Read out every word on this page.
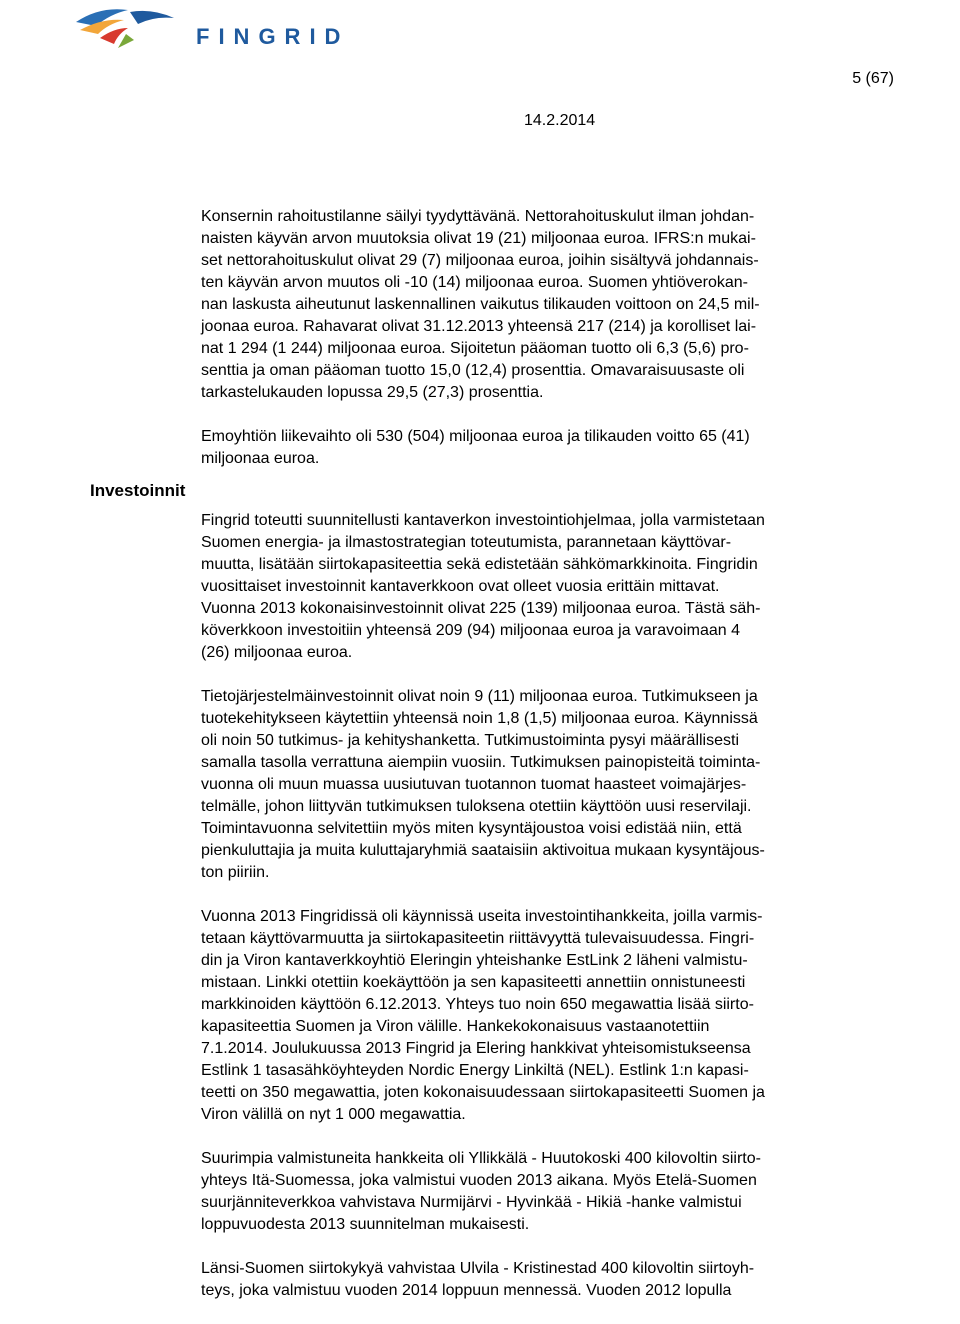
FINGRID
5 (67)
14.2.2014
Investoinnit

Konsernin rahoitustilanne säilyi tyydyttävänä. Nettorahoituskulut ilman johdan-
naisten käyvän arvon muutoksia olivat 19 (21) miljoonaa euroa. IFRS:n mukai-
set nettorahoituskulut olivat 29 (7) miljoonaa euroa, joihin sisältyvä johdannais-
ten käyvän arvon muutos oli -10 (14) miljoonaa euroa. Suomen yhtiöverokan-
nan laskusta aiheutunut laskennallinen vaikutus tilikauden voittoon on 24,5 mil-
joonaa euroa. Rahavarat olivat 31.12.2013 yhteensä 217 (214) ja korolliset lai-
nat 1 294 (1 244) miljoonaa euroa. Sijoitetun pääoman tuotto oli 6,3 (5,6) pro-
senttia ja oman pääoman tuotto 15,0 (12,4) prosenttia. Omavaraisuusaste oli
tarkastelukauden lopussa 29,5 (27,3) prosenttia.

Emoyhtiön liikevaihto oli 530 (504) miljoonaa euroa ja tilikauden voitto 65 (41)
miljoonaa euroa.

Fingrid toteutti suunnitellusti kantaverkon investointiohjelmaa, jolla varmistetaan
Suomen energia- ja ilmastostrategian toteutumista, parannetaan käyttövar-
muutta, lisätään siirtokapasiteettia sekä edistetään sähkömarkkinoita. Fingridin
vuosittaiset investoinnit kantaverkkoon ovat olleet vuosia erittäin mittavat.
Vuonna 2013 kokonaisinvestoinnit olivat 225 (139) miljoonaa euroa. Tästä säh-
köverkkoon investoitiin yhteensä 209 (94) miljoonaa euroa ja varavoimaan 4
(26) miljoonaa euroa.

Tietojärjestelmäinvestoinnit olivat noin 9 (11) miljoonaa euroa. Tutkimukseen ja
tuotekehitykseen käytettiin yhteensä noin 1,8 (1,5) miljoonaa euroa. Käynnissä
oli noin 50 tutkimus- ja kehityshanketta. Tutkimustoiminta pysyi määrällisesti
samalla tasolla verrattuna aiempiin vuosiin. Tutkimuksen painopisteitä toiminta-
vuonna oli muun muassa uusiutuvan tuotannon tuomat haasteet voimajärjes-
telmälle, johon liittyvän tutkimuksen tuloksena otettiin käyttöön uusi reservilaji.
Toimintavuonna selvitettiin myös miten kysyntäjoustoa voisi edistää niin, että
pienkuluttajia ja muita kuluttajaryhmiä saataisiin aktivoitua mukaan kysyntäjous-
ton piiriin.

Vuonna 2013 Fingridissä oli käynnissä useita investointihankkeita, joilla varmis-
tetaan käyttövarmuutta ja siirtokapasiteetin riittävyyttä tulevaisuudessa. Fingri-
din ja Viron kantaverkkoyhtiö Eleringin yhteishanke EstLink 2 läheni valmistu-
mistaan. Linkki otettiin koekäyttöön ja sen kapasiteetti annettiin onnistuneesti
markkinoiden käyttöön 6.12.2013. Yhteys tuo noin 650 megawattia lisää siirto-
kapasiteettia Suomen ja Viron välille. Hankekokonaisuus vastaanotettiin
7.1.2014. Joulukuussa 2013 Fingrid ja Elering hankkivat yhteisomistukseensa
Estlink 1 tasasähköyhteyden Nordic Energy Linkiltä (NEL). Estlink 1:n kapasi-
teetti on 350 megawattia, joten kokonaisuudessaan siirtokapasiteetti Suomen ja
Viron välillä on nyt 1 000 megawattia.

Suurimpia valmistuneita hankkeita oli Yllikkälä - Huutokoski 400 kilovoltin siirto-
yhteys Itä-Suomessa, joka valmistui vuoden 2013 aikana. Myös Etelä-Suomen
suurjänniteverkkoa vahvistava Nurmijärvi - Hyvinkää - Hikiä -hanke valmistui
loppuvuodesta 2013 suunnitelman mukaisesti.

Länsi-Suomen siirtokykyä vahvistaa Ulvila - Kristinestad 400 kilovoltin siirtoyh-
teys, joka valmistuu vuoden 2014 loppuun mennessä. Vuoden 2012 lopulla
